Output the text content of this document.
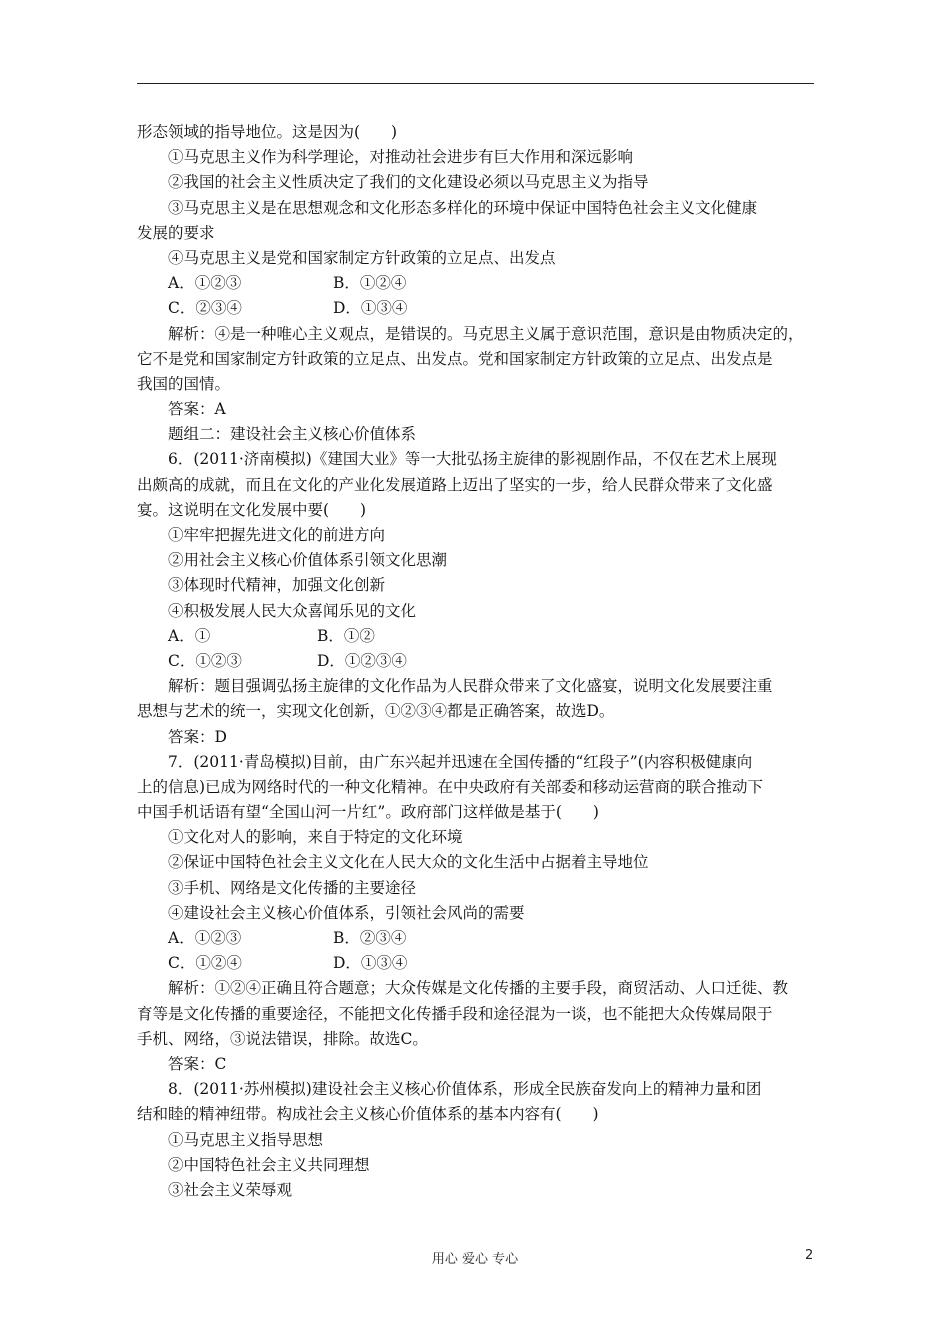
形态领域的指导地位。这是因为(　　)
①马克思主义作为科学理论，对推动社会进步有巨大作用和深远影响
②我国的社会主义性质决定了我们的文化建设必须以马克思主义为指导
③马克思主义是在思想观念和文化形态多样化的环境中保证中国特色社会主义文化健康
发展的要求
④马克思主义是党和国家制定方针政策的立足点、出发点
A．①②③	B．①②④
C．②③④	D．①③④
解析：④是一种唯心主义观点，是错误的。马克思主义属于意识范围，意识是由物质决定的，
它不是党和国家制定方针政策的立足点、出发点。党和国家制定方针政策的立足点、出发点是
我国的国情。
答案：A
题组二：建设社会主义核心价值体系
6．(2011·济南模拟)《建国大业》等一大批弘扬主旋律的影视剧作品，不仅在艺术上展现
出颇高的成就，而且在文化的产业化发展道路上迈出了坚实的一步，给人民群众带来了文化盛
宴。这说明在文化发展中要(　　)
①牢牢把握先进文化的前进方向
②用社会主义核心价值体系引领文化思潮
③体现时代精神，加强文化创新
④积极发展人民大众喜闻乐见的文化
A．①	B．①②
C．①②③	D．①②③④
解析：题目强调弘扬主旋律的文化作品为人民群众带来了文化盛宴，说明文化发展要注重
思想与艺术的统一，实现文化创新，①②③④都是正确答案，故选D。
答案：D
7．(2011·青岛模拟)目前，由广东兴起并迅速在全国传播的“红段子”(内容积极健康向
上的信息)已成为网络时代的一种文化精神。在中央政府有关部委和移动运营商的联合推动下
中国手机话语有望“全国山河一片红”。政府部门这样做是基于(　　)
①文化对人的影响，来自于特定的文化环境
②保证中国特色社会主义文化在人民大众的文化生活中占据着主导地位
③手机、网络是文化传播的主要途径
④建设社会主义核心价值体系，引领社会风尚的需要
A．①②③	B．②③④
C．①②④	D．①③④
解析：①②④正确且符合题意；大众传媒是文化传播的主要手段，商贸活动、人口迁徙、教
育等是文化传播的重要途径，不能把文化传播手段和途径混为一谈，也不能把大众传媒局限于
手机、网络，③说法错误，排除。故选C。
答案：C
8．(2011·苏州模拟)建设社会主义核心价值体系，形成全民族奋发向上的精神力量和团
结和睦的精神纽带。构成社会主义核心价值体系的基本内容有(　　)
①马克思主义指导思想
②中国特色社会主义共同理想
③社会主义荣辱观
用心 爱心 专心	2
